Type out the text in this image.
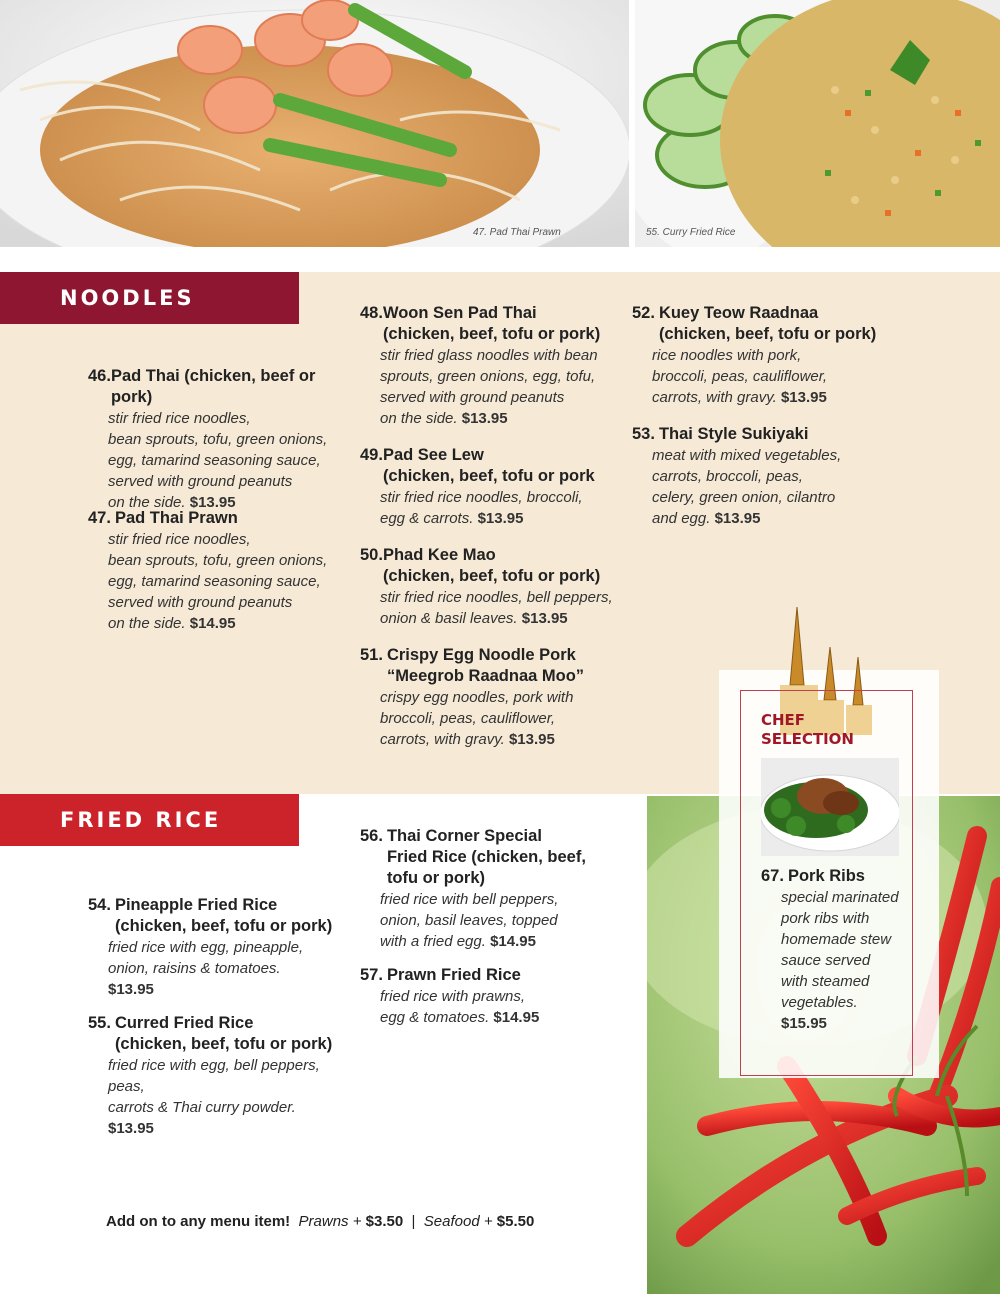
47. Pad Thai Prawn	55. Curry Fried Rice
NOODLES
FRIED RICE
46. Pad Thai (chicken, beef or pork)
stir fried rice noodles,
bean sprouts, tofu, green onions,
egg, tamarind seasoning sauce,
served with ground peanuts
on the side. $13.95
47. Pad Thai Prawn
stir fried rice noodles,
bean sprouts, tofu, green onions,
egg, tamarind seasoning sauce,
served with ground peanuts
on the side. $14.95
48. Woon Sen Pad Thai
(chicken, beef, tofu or pork)
stir fried glass noodles with bean
sprouts, green onions, egg, tofu,
served with ground peanuts
on the side. $13.95
49. Pad See Lew
(chicken, beef, tofu or pork
stir fried rice noodles, broccoli,
egg & carrots. $13.95
50. Phad Kee Mao
(chicken, beef, tofu or pork)
stir fried rice noodles, bell peppers,
onion & basil leaves. $13.95
51. Crispy Egg Noodle Pork
“Meegrob Raadnaa Moo”
crispy egg noodles, pork with
broccoli, peas, cauliflower,
carrots, with gravy. $13.95
52. Kuey Teow Raadnaa
(chicken, beef, tofu or pork)
rice noodles with pork,
broccoli, peas, cauliflower,
carrots, with gravy. $13.95
53. Thai Style Sukiyaki
meat with mixed vegetables,
carrots, broccoli, peas,
celery, green onion, cilantro
and egg. $13.95
54. Pineapple Fried Rice
(chicken, beef, tofu or pork)
fried rice with egg, pineapple,
onion, raisins & tomatoes.
$13.95
55. Curred Fried Rice
(chicken, beef, tofu or pork)
fried rice with egg, bell peppers, peas,
carrots & Thai curry powder.
$13.95
56. Thai Corner Special
Fried Rice (chicken, beef,
tofu or pork)
fried rice with bell peppers,
onion, basil leaves, topped
with a fried egg. $14.95
57. Prawn Fried Rice
fried rice with prawns,
egg & tomatoes. $14.95
CHEF
SELECTION
67. Pork Ribs
special marinated
pork ribs with
homemade stew
sauce served
with steamed
vegetables.
$15.95
Add on to any menu item! Prawns + $3.50 | Seafood + $5.50
